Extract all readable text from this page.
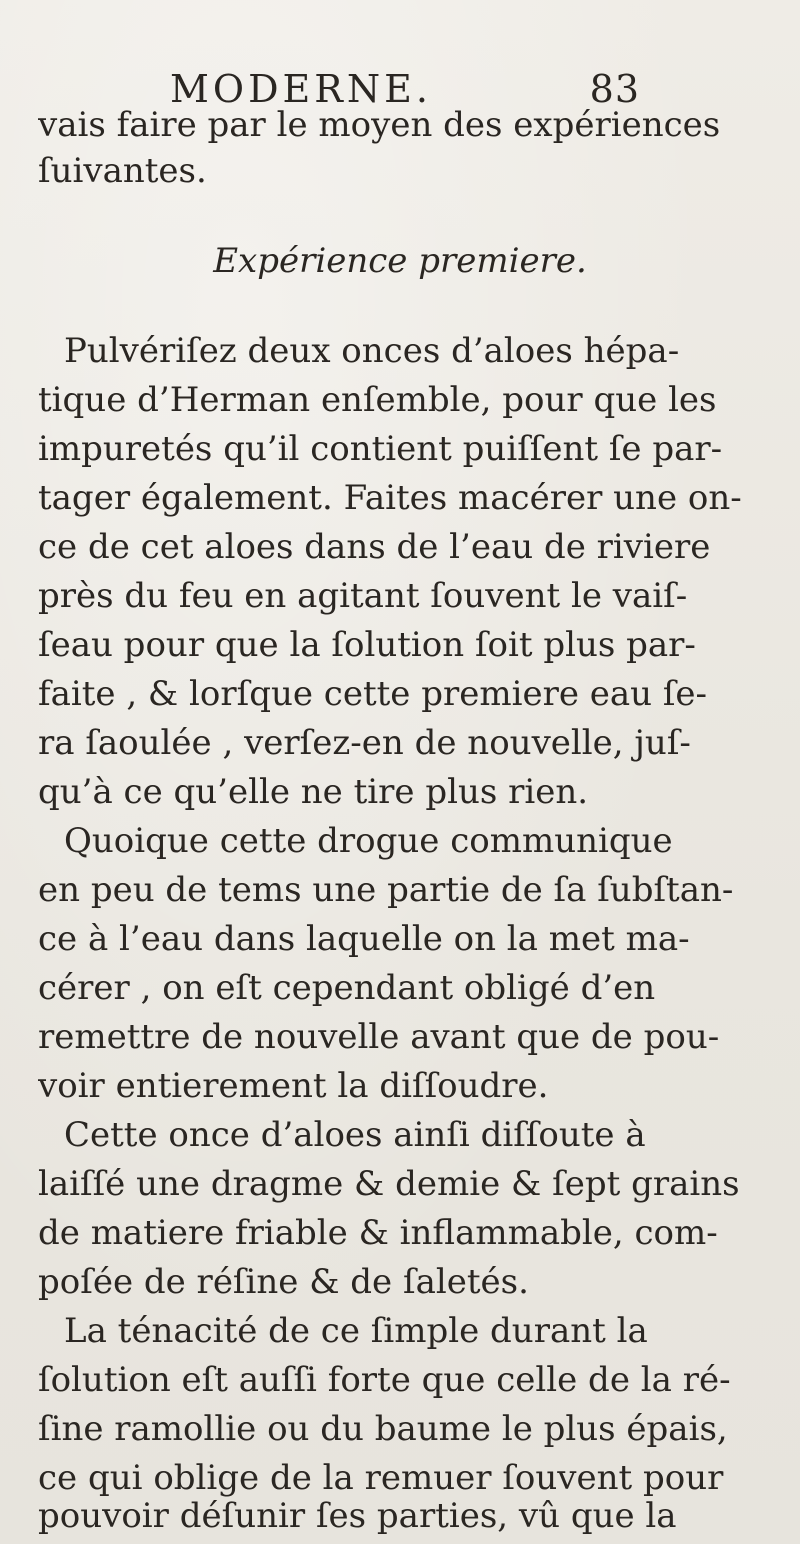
MODERNE.	83
vais faire par le moyen des expériences
ſuivantes.
Expérience premiere.
Pulvériſez deux onces d’aloes hépa-
tique d’Herman enſemble, pour que les
impuretés qu’il contient puiſſent ſe par-
tager également. Faites macérer une on-
ce de cet aloes dans de l’eau de riviere
près du feu en agitant ſouvent le vaiſ-
ſeau pour que la ſolution ſoit plus par-
faite , & lorſque cette premiere eau ſe-
ra ſaoulée , verſez-en de nouvelle, juſ-
qu’à ce qu’elle ne tire plus rien.
Quoique cette drogue communique
en peu de tems une partie de ſa ſubſtan-
ce à l’eau dans laquelle on la met ma-
cérer , on eſt cependant obligé d’en
remettre de nouvelle avant que de pou-
voir entierement la diſſoudre.
Cette once d’aloes ainſi diſſoute à
laiſſé une dragme & demie & ſept grains
de matiere friable & inflammable, com-
poſée de réſine & de ſaletés.
La ténacité de ce ſimple durant la
ſolution eſt auſſi forte que celle de la ré-
ſine ramollie ou du baume le plus épais,
ce qui oblige de la remuer ſouvent pour
pouvoir déſunir ſes parties, vû que la
